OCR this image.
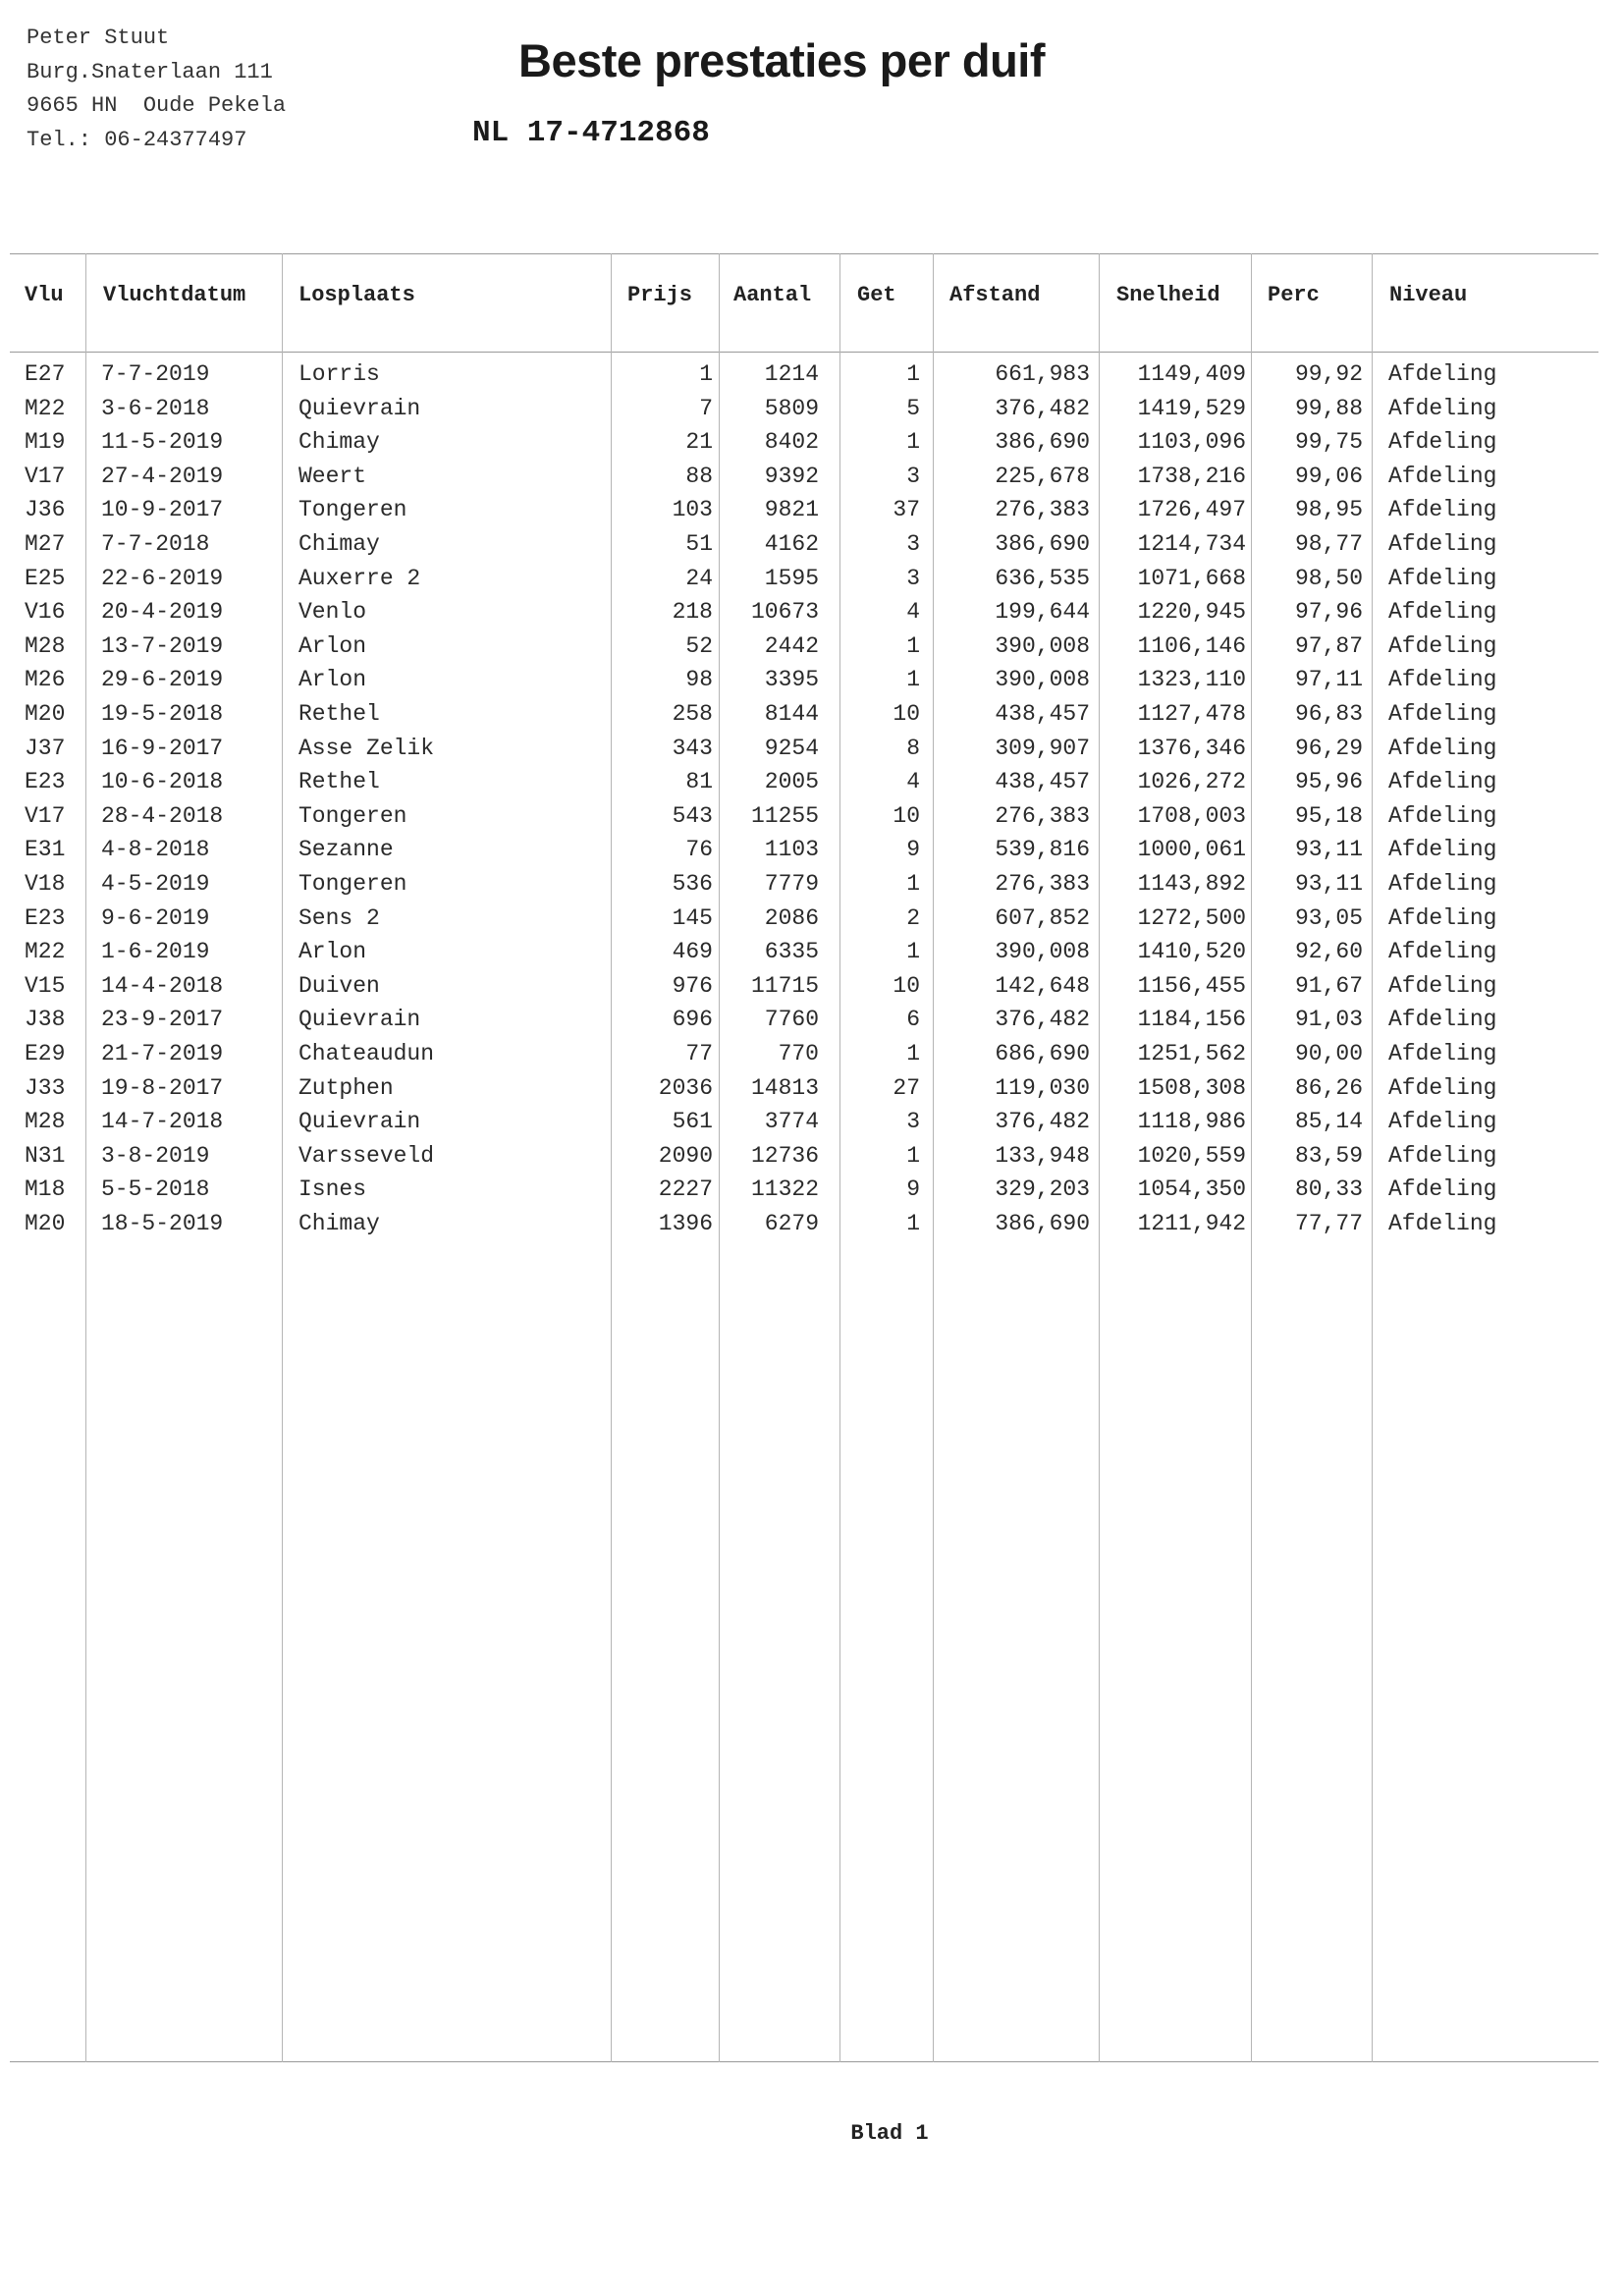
Peter Stuut
Burg.Snaterlaan 111
9665 HN  Oude Pekela
Tel.: 06-24377497
Beste prestaties per duif
NL 17-4712868
Vlu Vluchtdatum Losplaats	Prijs Aantal Get Afstand	Snelheid Perc	Niveau
E27	7-7-2019	Lorris	1	1214	1	661,983	1149,409	99,92 Afdeling
M22	3-6-2018	Quievrain	7	5809	5	376,482	1419,529	99,88 Afdeling
M19	11-5-2019	Chimay	21	8402	1	386,690	1103,096	99,75 Afdeling
V17	27-4-2019	Weert	88	9392	3	225,678	1738,216	99,06 Afdeling
J36	10-9-2017	Tongeren	103	9821	37	276,383	1726,497	98,95 Afdeling
M27	7-7-2018	Chimay	51	4162	3	386,690	1214,734	98,77 Afdeling
E25	22-6-2019	Auxerre 2	24	1595	3	636,535	1071,668	98,50 Afdeling
V16	20-4-2019	Venlo	218	10673	4	199,644	1220,945	97,96 Afdeling
M28	13-7-2019	Arlon	52	2442	1	390,008	1106,146	97,87 Afdeling
M26	29-6-2019	Arlon	98	3395	1	390,008	1323,110	97,11 Afdeling
M20	19-5-2018	Rethel	258	8144	10	438,457	1127,478	96,83 Afdeling
J37	16-9-2017	Asse Zelik	343	9254	8	309,907	1376,346	96,29 Afdeling
E23	10-6-2018	Rethel	81	2005	4	438,457	1026,272	95,96 Afdeling
V17	28-4-2018	Tongeren	543	11255	10	276,383	1708,003	95,18 Afdeling
E31	4-8-2018	Sezanne	76	1103	9	539,816	1000,061	93,11 Afdeling
V18	4-5-2019	Tongeren	536	7779	1	276,383	1143,892	93,11 Afdeling
E23	9-6-2019	Sens 2	145	2086	2	607,852	1272,500	93,05 Afdeling
M22	1-6-2019	Arlon	469	6335	1	390,008	1410,520	92,60 Afdeling
V15	14-4-2018	Duiven	976	11715	10	142,648	1156,455	91,67 Afdeling
J38	23-9-2017	Quievrain	696	7760	6	376,482	1184,156	91,03 Afdeling
E29	21-7-2019	Chateaudun	77	770	1	686,690	1251,562	90,00 Afdeling
J33	19-8-2017	Zutphen	2036	14813	27	119,030	1508,308	86,26 Afdeling
M28	14-7-2018	Quievrain	561	3774	3	376,482	1118,986	85,14 Afdeling
N31	3-8-2019	Varsseveld	2090	12736	1	133,948	1020,559	83,59 Afdeling
M18	5-5-2018	Isnes	2227	11322	9	329,203	1054,350	80,33 Afdeling
M20	18-5-2019	Chimay	1396	6279	1	386,690	1211,942	77,77 Afdeling
Blad 1
